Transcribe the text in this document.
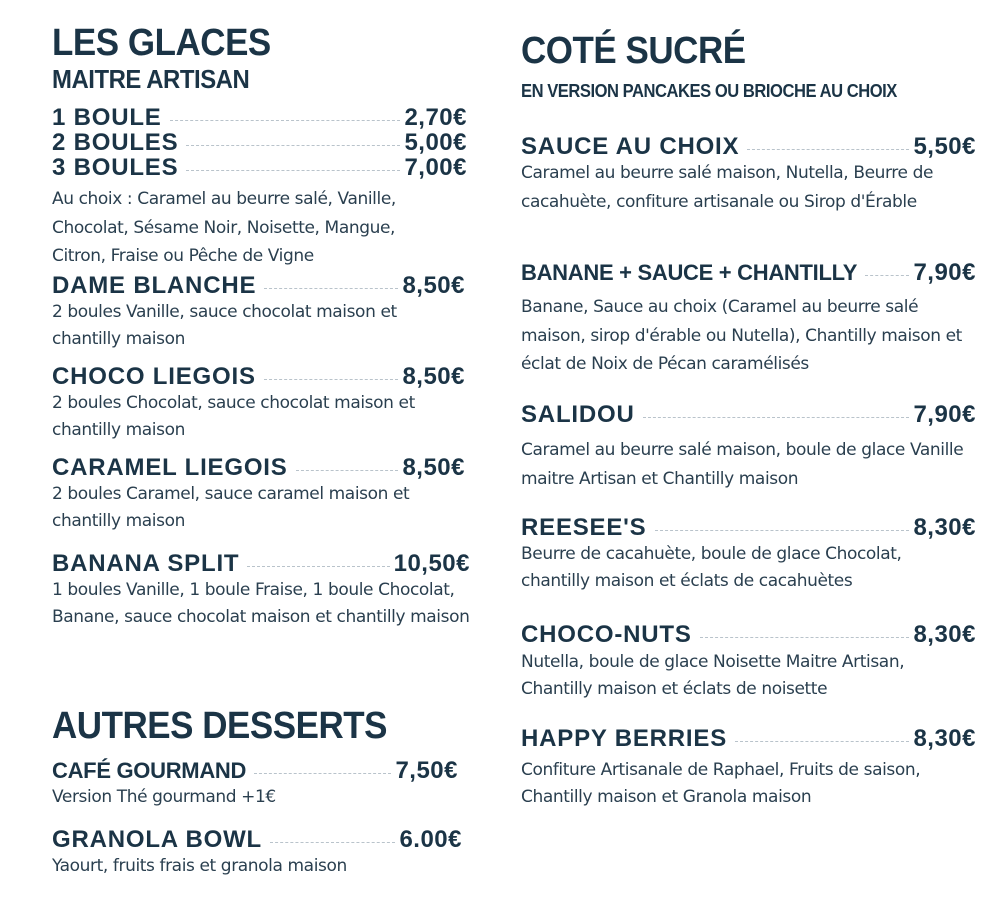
LES GLACES
MAITRE ARTISAN
1 BOULE	2,70€
2 BOULES	5,00€
3 BOULES	7,00€

Au choix : Caramel au beurre salé, Vanille, Chocolat, Sésame Noir, Noisette, Mangue, Citron, Fraise ou Pêche de Vigne

DAME BLANCHE	8,50€

2 boules Vanille, sauce chocolat maison et chantilly maison

CHOCO LIEGOIS	8,50€

2 boules Chocolat, sauce chocolat maison et chantilly maison

CARAMEL LIEGOIS	8,50€

2 boules Caramel, sauce caramel maison et chantilly maison

BANANA SPLIT	10,50€

1 boules Vanille, 1 boule Fraise, 1 boule Chocolat, Banane, sauce chocolat maison et chantilly maison

AUTRES DESSERTS
CAFÉ GOURMAND	7,50€

Version Thé gourmand +1€

GRANOLA BOWL	6.00€

Yaourt, fruits frais et granola maison

COTÉ SUCRÉ
EN VERSION PANCAKES OU BRIOCHE AU CHOIX
SAUCE AU CHOIX	5,50€

Caramel au beurre salé maison, Nutella, Beurre de cacahuète, confiture artisanale ou Sirop d'Érable

BANANE + SAUCE + CHANTILLY 7,90€

Banane, Sauce au choix (Caramel au beurre salé maison, sirop d'érable ou Nutella), Chantilly maison et éclat de Noix de Pécan caramélisés

SALIDOU	7,90€

Caramel au beurre salé maison, boule de glace Vanille maitre Artisan et Chantilly maison

REESEE'S	8,30€

Beurre de cacahuète, boule de glace Chocolat, chantilly maison et éclats de cacahuètes

CHOCO-NUTS	8,30€

Nutella, boule de glace Noisette Maitre Artisan, Chantilly maison et éclats de noisette

HAPPY BERRIES	8,30€

Confiture Artisanale de Raphael, Fruits de saison, Chantilly maison et Granola maison
